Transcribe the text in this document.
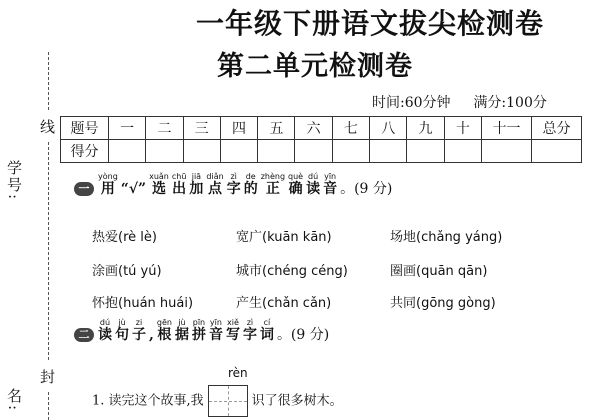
学号:
线
封
名:
一年级下册语文拔尖检测卷
第二单元检测卷
时间:60分钟 满分:100分
题号	一	二	三	四	五	六	七	八	九	十	十一	总分
得分												
一 用yòng“√” 选xuǎn出chū加jiā点diǎn字zì的de正zhèng确què读dú音yīn。(9 分)
热爱(rè lè)	宽广(kuān kān)	场地(chǎng yáng)
涂画(tú yú)	城市(chéng céng)	圈画(quān qān)
怀抱(huán huái)	产生(chǎn cǎn)	共同(gōng gòng)
二 读dú句jù子zi, 根gēn据jù拼pīn音yīn写xiě字zì词cí。(9 分)
rèn
1. 读完这个故事,我	识了很多树木。
